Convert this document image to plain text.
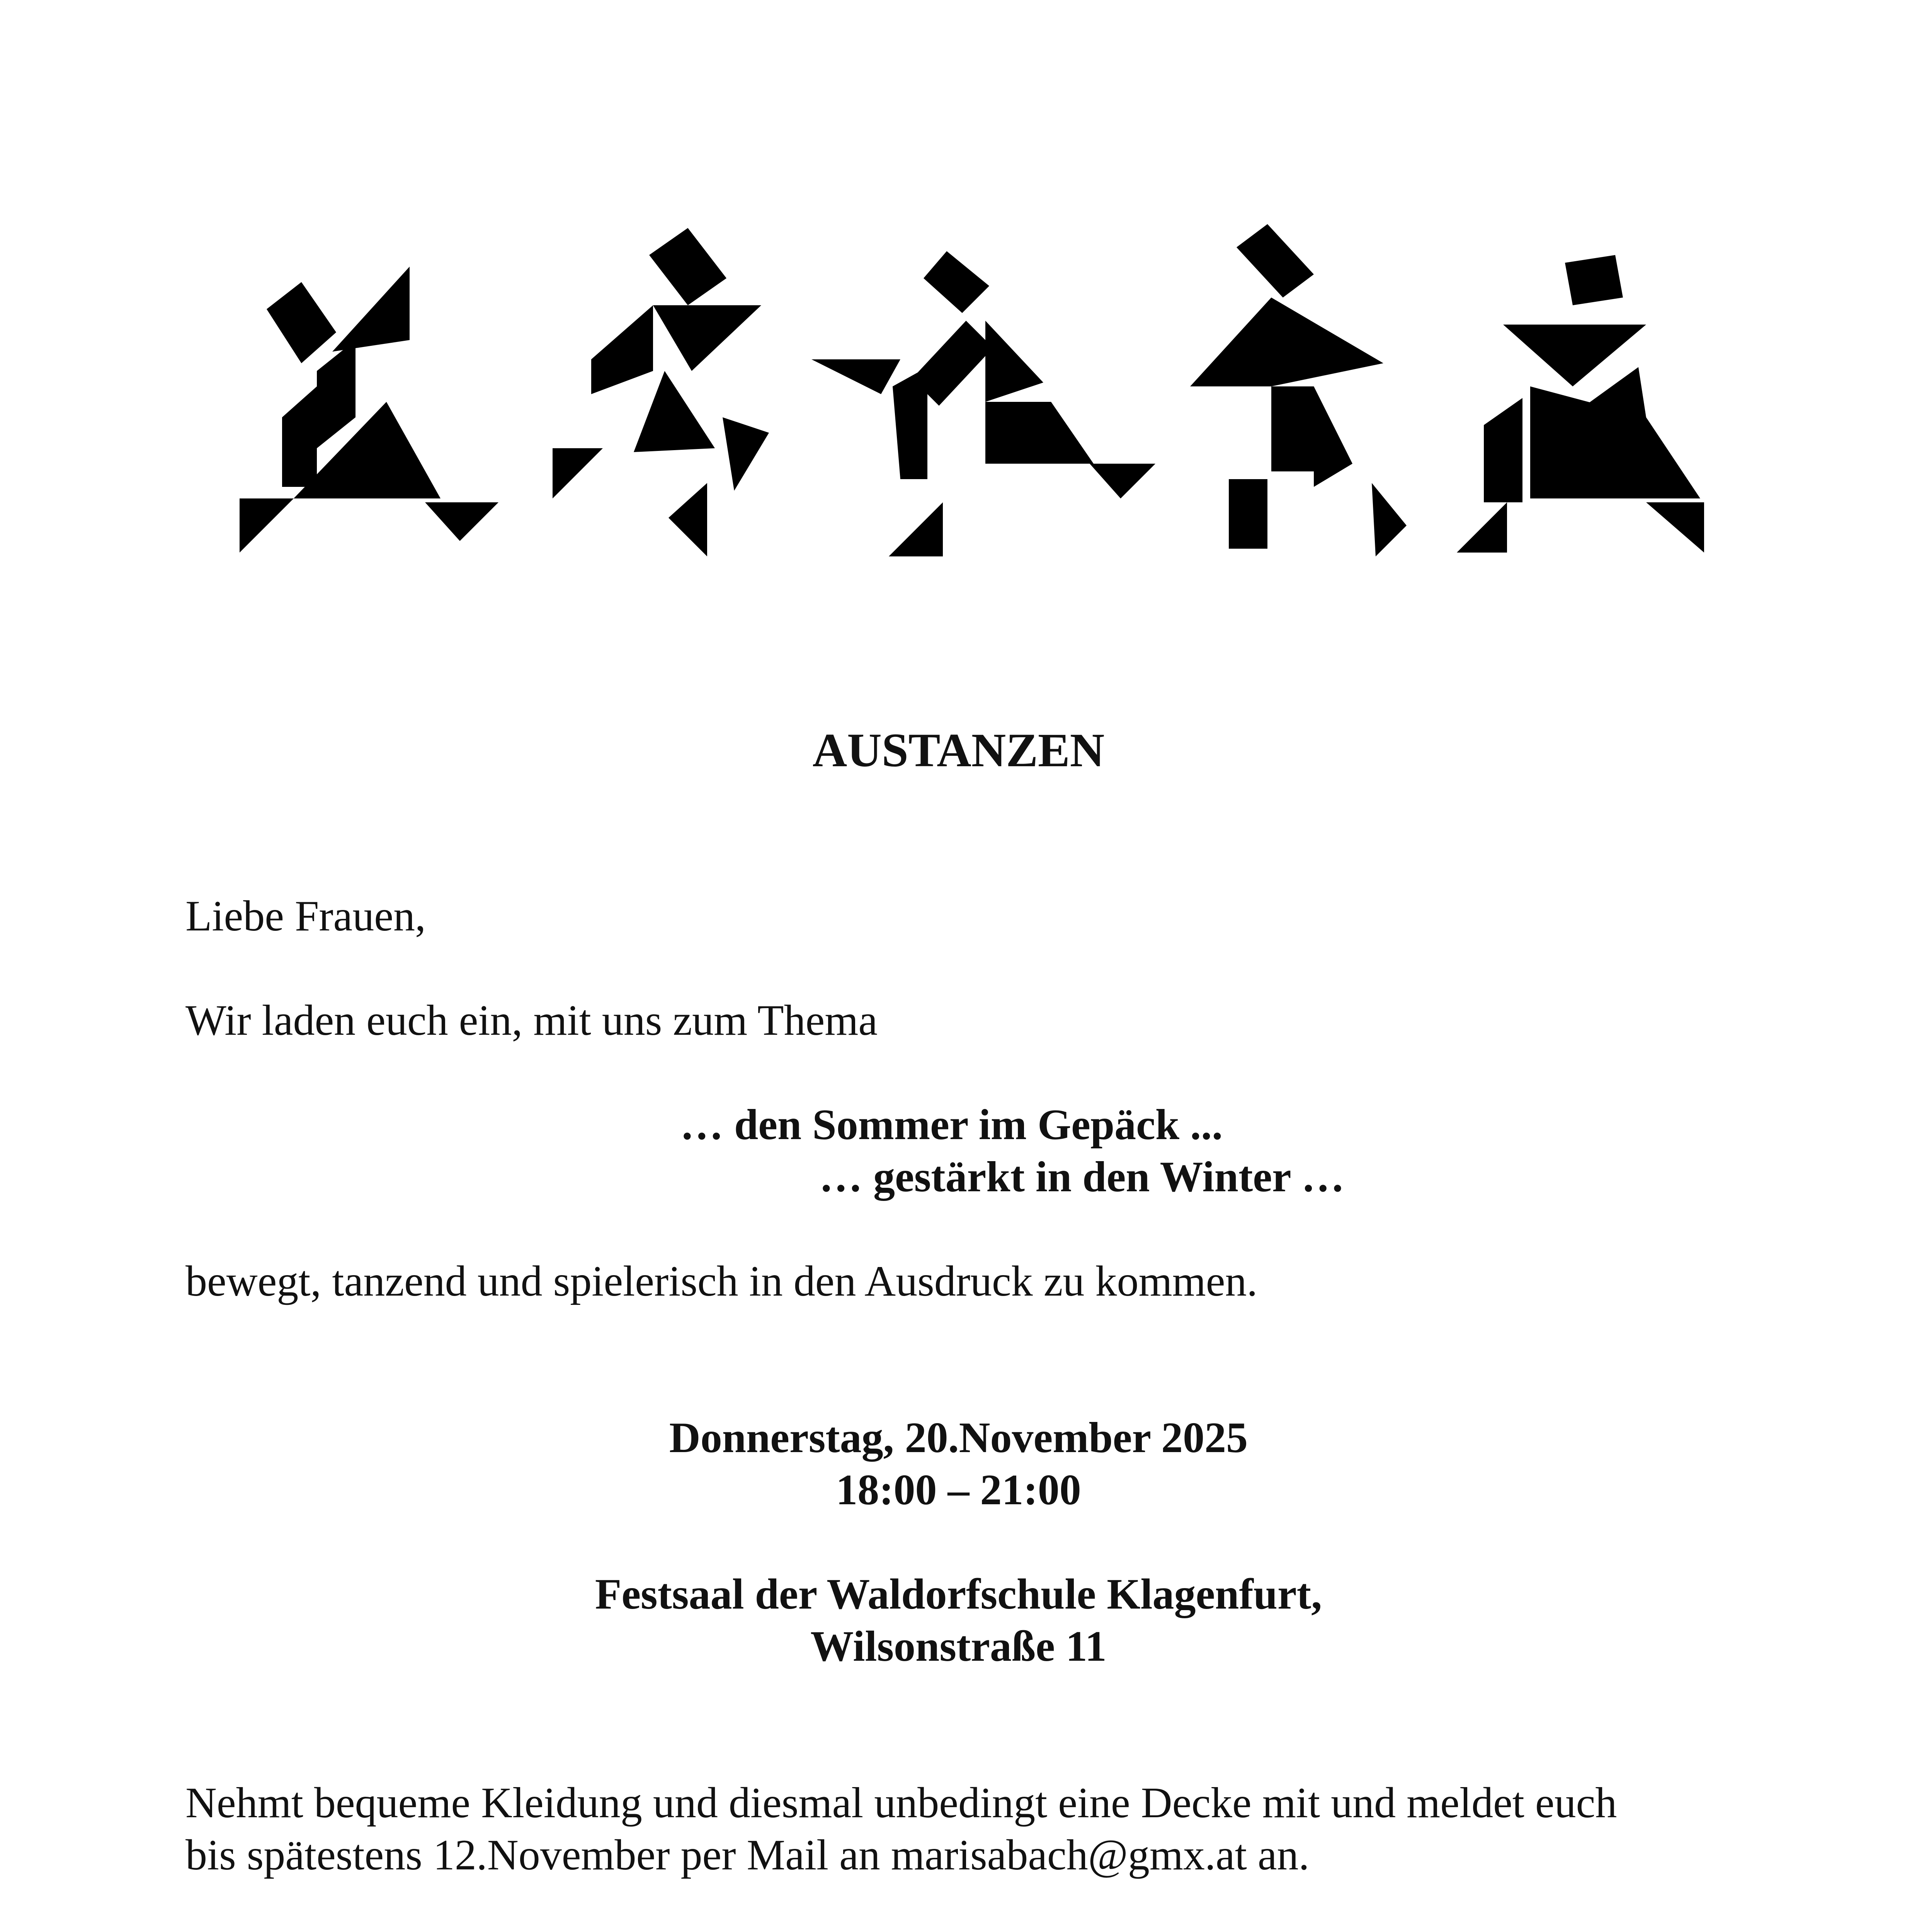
AUSTANZEN
Liebe Frauen,
Wir laden euch ein, mit uns zum Thema
… den Sommer im Gepäck ...
… gestärkt in den Winter …
bewegt, tanzend und spielerisch in den Ausdruck zu kommen.
Donnerstag, 20.November 2025
18:00 – 21:00
Festsaal der Waldorfschule Klagenfurt,
Wilsonstraße 11
Nehmt bequeme Kleidung und diesmal unbedingt eine Decke mit und meldet euch
bis spätestens 12.November per Mail an marisabach@gmx.at an.
